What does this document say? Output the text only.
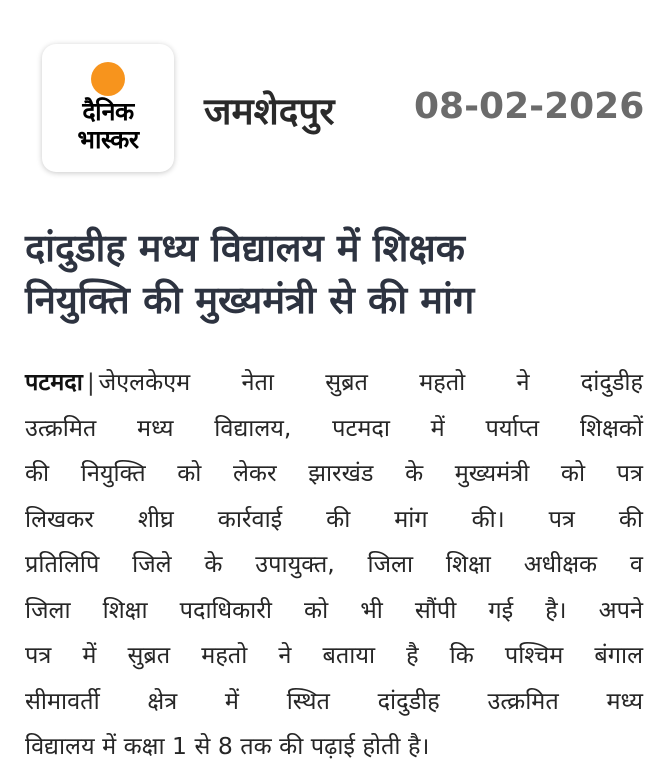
दैनिक
भास्कर
जमशेदपुर 08-02-2026
दांदुडीह मध्य विद्यालय में शिक्षक
नियुक्ति की मुख्यमंत्री से की मांग
पटमदा | जेएलकेएम नेता सुब्रत महतो ने दांदुडीह
उत्क्रमित मध्य विद्यालय, पटमदा में पर्याप्त शिक्षकों
की नियुक्ति को लेकर झारखंड के मुख्यमंत्री को पत्र
लिखकर शीघ्र कार्रवाई की मांग की। पत्र की
प्रतिलिपि जिले के उपायुक्त, जिला शिक्षा अधीक्षक व
जिला शिक्षा पदाधिकारी को भी सौंपी गई है। अपने
पत्र में सुब्रत महतो ने बताया है कि पश्चिम बंगाल
सीमावर्ती क्षेत्र में स्थित दांदुडीह उत्क्रमित मध्य
विद्यालय में कक्षा 1 से 8 तक की पढ़ाई होती है।
